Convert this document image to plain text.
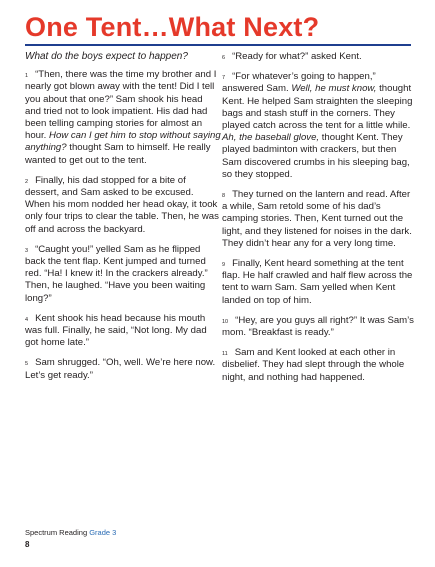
One Tent…What Next?

What do the boys expect to happen?

$^1$ “Then, there was the time my brother and I nearly got blown away with the tent! Did I tell you about that one?” Sam shook his head and tried not to look impatient. His dad had been telling camping stories for almost an hour. How can I get him to stop without saying anything? thought Sam to himself. He really wanted to get out to the tent.

$^2$ Finally, his dad stopped for a bite of dessert, and Sam asked to be excused. When his mom nodded her head okay, it took only four trips to clear the table. Then, he was off and across the backyard.

$^3$ “Caught you!” yelled Sam as he flipped back the tent flap. Kent jumped and turned red. “Ha! I knew it! In the crackers already.” Then, he laughed. “Have you been waiting long?”

$^4$ Kent shook his head because his mouth was full. Finally, he said, “Not long. My dad got home late.”

$^5$ Sam shrugged. “Oh, well. We’re here now. Let’s get ready.”

$^6$ “Ready for what?” asked Kent.

$^7$ “For whatever’s going to happen,” answered Sam. Well, he must know, thought Kent. He helped Sam straighten the sleeping bags and stash stuff in the corners. They played catch across the tent for a little while. Ah, the baseball glove, thought Kent. They played badminton with crackers, but then Sam discovered crumbs in his sleeping bag, so they stopped.

$^8$ They turned on the lantern and read. After a while, Sam retold some of his dad’s camping stories. Then, Kent turned out the light, and they listened for noises in the dark. They didn’t hear any for a very long time.

$^9$ Finally, Kent heard something at the tent flap. He half crawled and half flew across the tent to warn Sam. Sam yelled when Kent landed on top of him.

$^{10}$ “Hey, are you guys all right?” It was Sam’s mom. “Breakfast is ready.”

$^{11}$ Sam and Kent looked at each other in disbelief. They had slept through the whole night, and nothing had happened.

Spectrum Reading Grade 3
8
